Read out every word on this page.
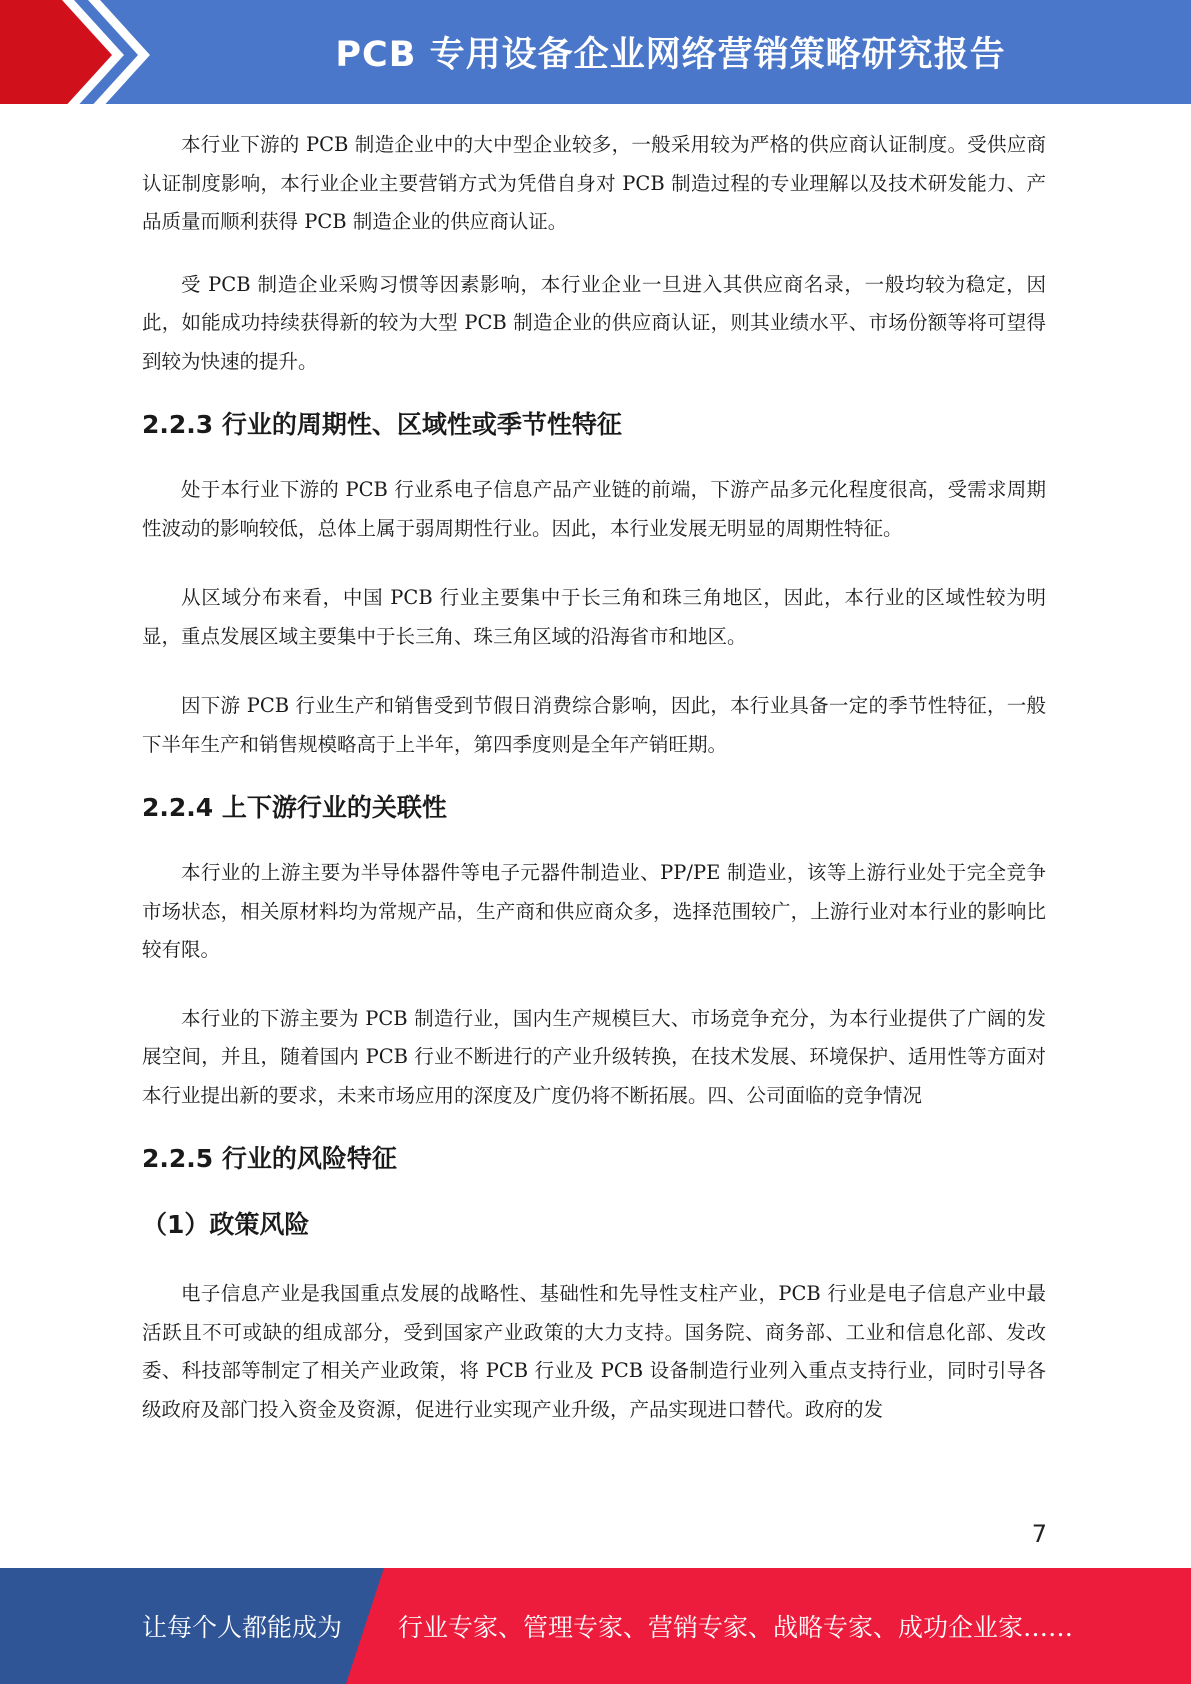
PCB 专用设备企业网络营销策略研究报告

本行业下游的 PCB 制造企业中的大中型企业较多，一般采用较为严格的供应商认证制度。受供应商认证制度影响，本行业企业主要营销方式为凭借自身对 PCB 制造过程的专业理解以及技术研发能力、产品质量而顺利获得 PCB 制造企业的供应商认证。

受 PCB 制造企业采购习惯等因素影响，本行业企业一旦进入其供应商名录，一般均较为稳定，因此，如能成功持续获得新的较为大型 PCB 制造企业的供应商认证，则其业绩水平、市场份额等将可望得到较为快速的提升。

2.2.3 行业的周期性、区域性或季节性特征

处于本行业下游的 PCB 行业系电子信息产品产业链的前端，下游产品多元化程度很高，受需求周期性波动的影响较低，总体上属于弱周期性行业。因此，本行业发展无明显的周期性特征。

从区域分布来看，中国 PCB 行业主要集中于长三角和珠三角地区，因此，本行业的区域性较为明显，重点发展区域主要集中于长三角、珠三角区域的沿海省市和地区。

因下游 PCB 行业生产和销售受到节假日消费综合影响，因此，本行业具备一定的季节性特征，一般下半年生产和销售规模略高于上半年，第四季度则是全年产销旺期。

2.2.4 上下游行业的关联性

本行业的上游主要为半导体器件等电子元器件制造业、PP/PE 制造业，该等上游行业处于完全竞争市场状态，相关原材料均为常规产品，生产商和供应商众多，选择范围较广，上游行业对本行业的影响比较有限。

本行业的下游主要为 PCB 制造行业，国内生产规模巨大、市场竞争充分，为本行业提供了广阔的发展空间，并且，随着国内 PCB 行业不断进行的产业升级转换，在技术发展、环境保护、适用性等方面对本行业提出新的要求，未来市场应用的深度及广度仍将不断拓展。四、公司面临的竞争情况

2.2.5 行业的风险特征
（1）政策风险

电子信息产业是我国重点发展的战略性、基础性和先导性支柱产业，PCB 行业是电子信息产业中最活跃且不可或缺的组成部分，受到国家产业政策的大力支持。国务院、商务部、工业和信息化部、发改委、科技部等制定了相关产业政策，将 PCB 行业及 PCB 设备制造行业列入重点支持行业，同时引导各级政府及部门投入资金及资源，促进行业实现产业升级，产品实现进口替代。政府的发

7
让每个人都能成为 行业专家、管理专家、营销专家、战略专家、成功企业家……
